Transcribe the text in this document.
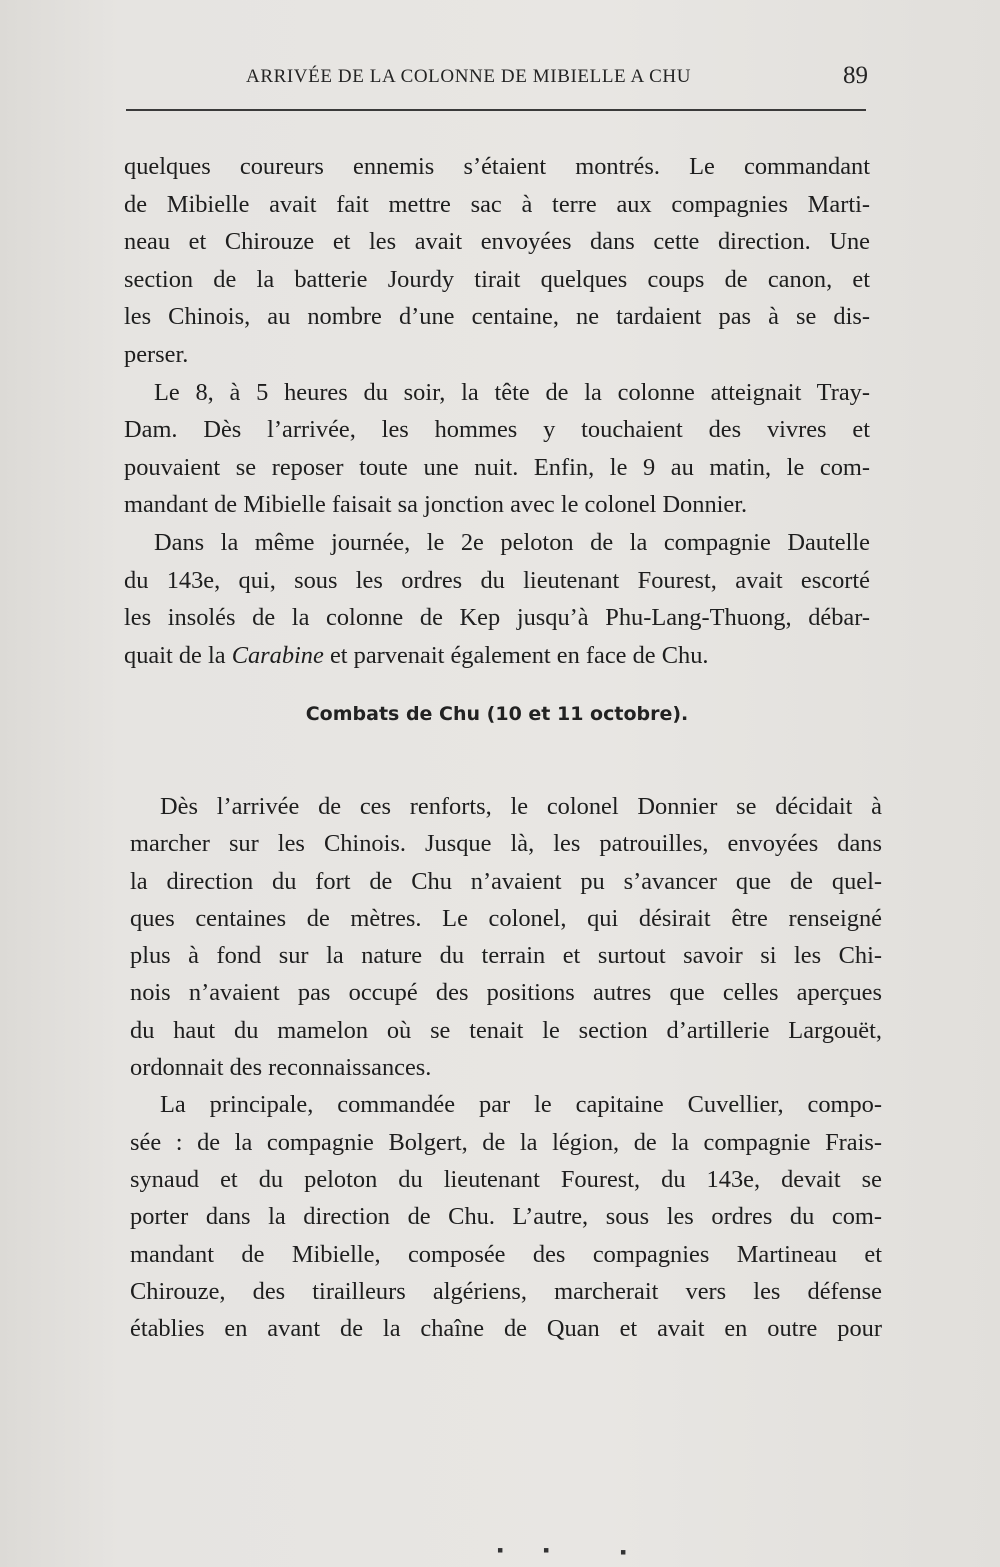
ARRIVÉE DE LA COLONNE DE MIBIELLE A CHU	89
quelques coureurs ennemis s’étaient montrés. Le commandant
de Mibielle avait fait mettre sac à terre aux compagnies Marti-
neau et Chirouze et les avait envoyées dans cette direction. Une
section de la batterie Jourdy tirait quelques coups de canon, et
les Chinois, au nombre d’une centaine, ne tardaient pas à se dis-
perser.
Le 8, à 5 heures du soir, la tête de la colonne atteignait Tray-
Dam. Dès l’arrivée, les hommes y touchaient des vivres et
pouvaient se reposer toute une nuit. Enfin, le 9 au matin, le com-
mandant de Mibielle faisait sa jonction avec le colonel Donnier.
Dans la même journée, le 2e peloton de la compagnie Dautelle
du 143e, qui, sous les ordres du lieutenant Fourest, avait escorté
les insolés de la colonne de Kep jusqu’à Phu-Lang-Thuong, débar-
quait de la Carabine et parvenait également en face de Chu.
Combats de Chu (10 et 11 octobre).
Dès l’arrivée de ces renforts, le colonel Donnier se décidait à
marcher sur les Chinois. Jusque là, les patrouilles, envoyées dans
la direction du fort de Chu n’avaient pu s’avancer que de quel-
ques centaines de mètres. Le colonel, qui désirait être renseigné
plus à fond sur la nature du terrain et surtout savoir si les Chi-
nois n’avaient pas occupé des positions autres que celles aperçues
du haut du mamelon où se tenait le section d’artillerie Largouët,
ordonnait des reconnaissances.
La principale, commandée par le capitaine Cuvellier, compo-
sée : de la compagnie Bolgert, de la légion, de la compagnie Frais-
synaud et du peloton du lieutenant Fourest, du 143e, devait se
porter dans la direction de Chu. L’autre, sous les ordres du com-
mandant de Mibielle, composée des compagnies Martineau et
Chirouze, des tirailleurs algériens, marcherait vers les défense
établies en avant de la chaîne de Quan et avait en outre pour
▪ ▪	▪
